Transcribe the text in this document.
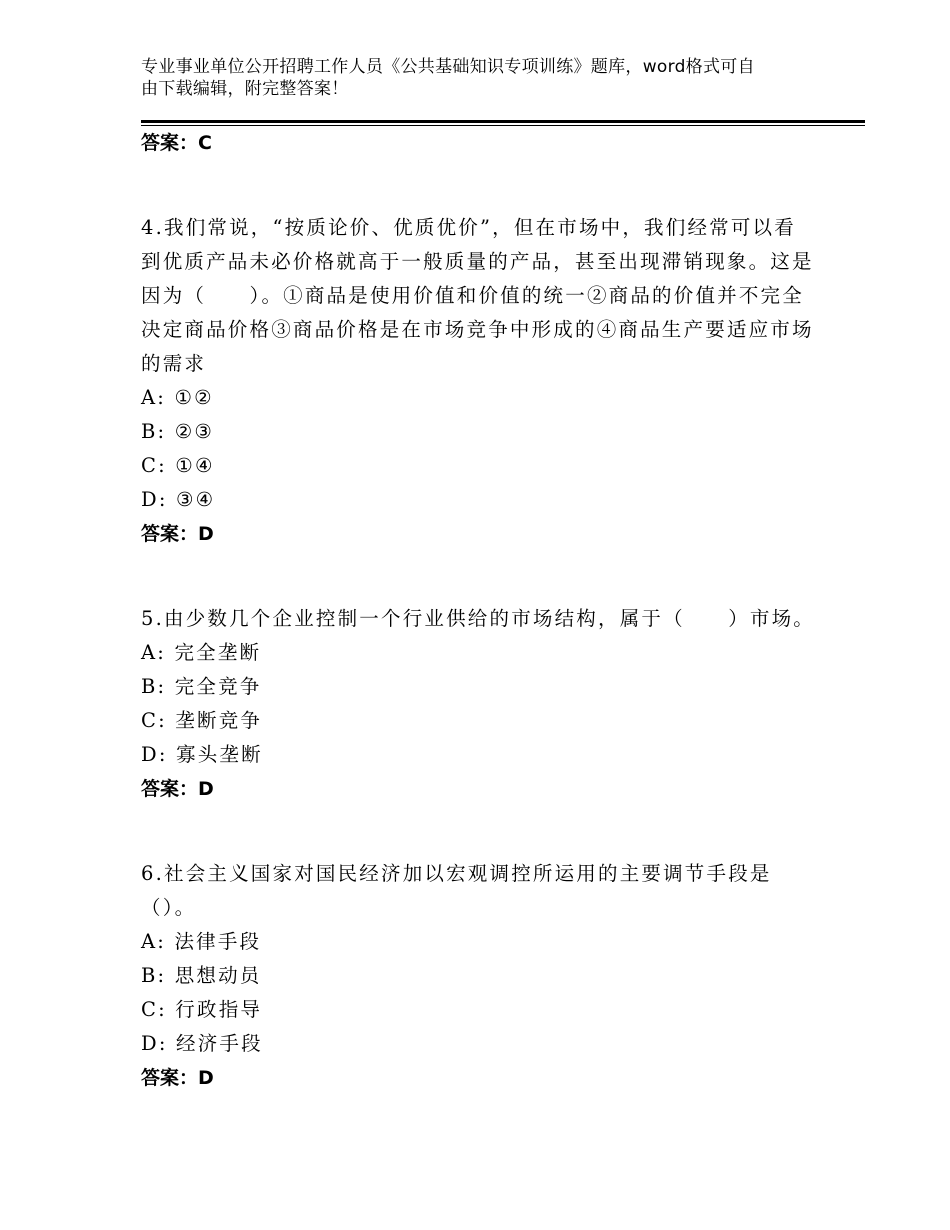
专业事业单位公开招聘工作人员《公共基础知识专项训练》题库，word格式可自
由下载编辑，附完整答案！
答案：C
4.我们常说，“按质论价、优质优价”，但在市场中，我们经常可以看到优质产品未必价格就高于一般质量的产品，甚至出现滞销现象。这是因为（　　）。①商品是使用价值和价值的统一②商品的价值并不完全决定商品价格③商品价格是在市场竞争中形成的④商品生产要适应市场的需求
A: ①②
B: ②③
C: ①④
D: ③④
答案：D
5.由少数几个企业控制一个行业供给的市场结构，属于（　　）市场。
A: 完全垄断
B: 完全竞争
C: 垄断竞争
D: 寡头垄断
答案：D
6.社会主义国家对国民经济加以宏观调控所运用的主要调节手段是（）。
A: 法律手段
B: 思想动员
C: 行政指导
D: 经济手段
答案：D
